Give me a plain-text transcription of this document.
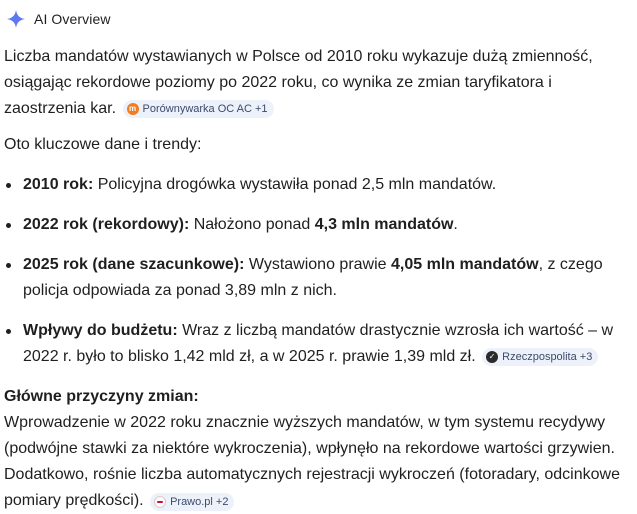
AI Overview

Liczba mandatów wystawianych w Polsce od 2010 roku wykazuje dużą zmienność, osiągając rekordowe poziomy po 2022 roku, co wynika ze zmian taryfikatora i zaostrzenia kar.	m Porównywarka OC AC +1

Oto kluczowe dane i trendy:

2010 rok: Policyjna drogówka wystawiła ponad 2,5 mln mandatów.
2022 rok (rekordowy): Nałożono ponad 4,3 mln mandatów.
2025 rok (dane szacunkowe): Wystawiono prawie 4,05 mln mandatów, z czego policja odpowiada za ponad 3,89 mln z nich.
Wpływy do budżetu: Wraz z liczbą mandatów drastycznie wzrosła ich wartość – w 2022 r. było to blisko 1,42 mld zł, a w 2025 r. prawie 1,39 mld zł.	✓ Rzeczpospolita +3

Główne przyczyny zmian:

Wprowadzenie w 2022 roku znacznie wyższych mandatów, w tym systemu recydywy (podwójne stawki za niektóre wykroczenia), wpłynęło na rekordowe wartości grzywien. Dodatkowo, rośnie liczba automatycznych rejestracji wykroczeń (fotoradary, odcinkowe pomiary prędkości). Prawo.pl +2
